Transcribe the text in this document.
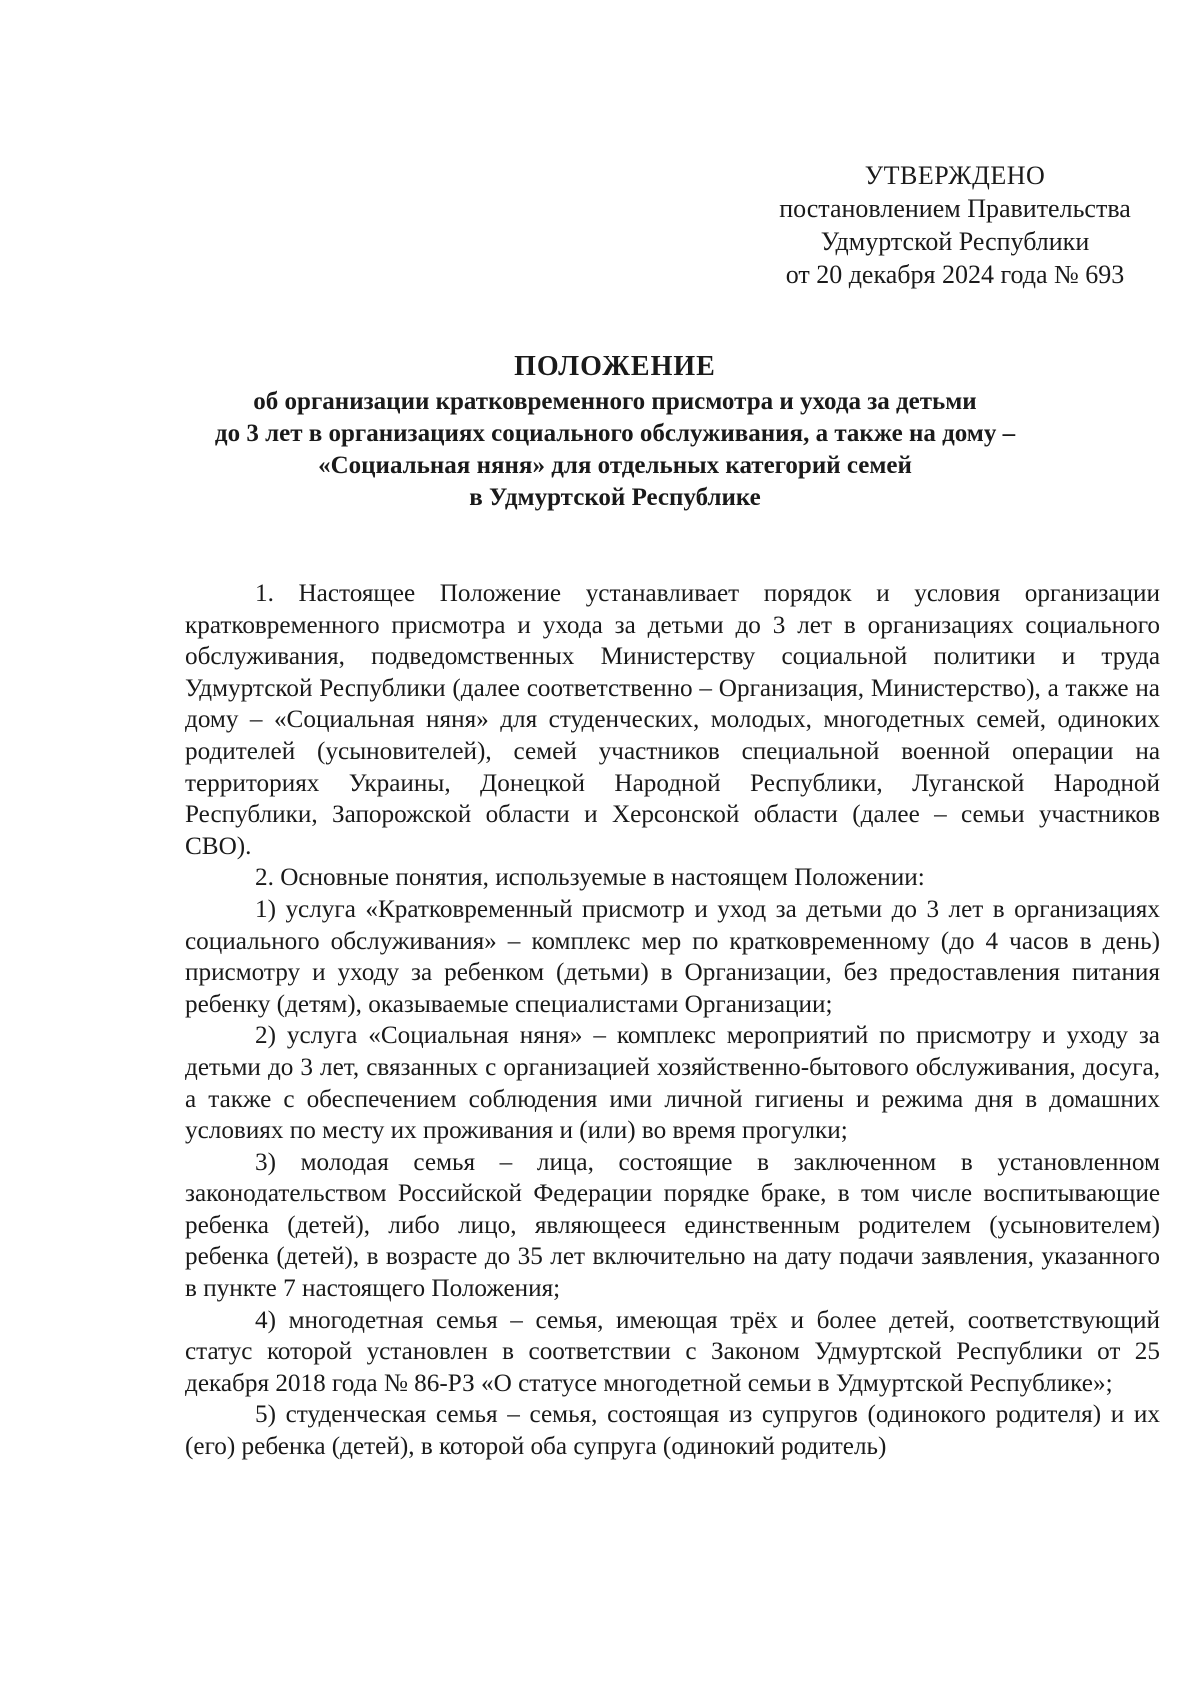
УТВЕРЖДЕНО
постановлением Правительства
Удмуртской Республики
от 20 декабря 2024 года № 693
ПОЛОЖЕНИЕ
об организации кратковременного присмотра и ухода за детьми
до 3 лет в организациях социального обслуживания, а также на дому –
«Социальная няня» для отдельных категорий семей
в Удмуртской Республике

1. Настоящее Положение устанавливает порядок и условия организации кратковременного присмотра и ухода за детьми до 3 лет в организациях социального обслуживания, подведомственных Министерству социальной политики и труда Удмуртской Республики (далее соответственно – Организация, Министерство), а также на дому – «Социальная няня» для студенческих, молодых, многодетных семей, одиноких родителей (усыновителей), семей участников специальной военной операции на территориях Украины, Донецкой Народной Республики, Луганской Народной Республики, Запорожской области и Херсонской области (далее – семьи участников СВО).

2. Основные понятия, используемые в настоящем Положении:

1) услуга «Кратковременный присмотр и уход за детьми до 3 лет в организациях социального обслуживания» – комплекс мер по кратковременному (до 4 часов в день) присмотру и уходу за ребенком (детьми) в Организации, без предоставления питания ребенку (детям), оказываемые специалистами Организации;

2) услуга «Социальная няня» – комплекс мероприятий по присмотру и уходу за детьми до 3 лет, связанных с организацией хозяйственно-бытового обслуживания, досуга, а также с обеспечением соблюдения ими личной гигиены и режима дня в домашних условиях по месту их проживания и (или) во время прогулки;

3) молодая семья – лица, состоящие в заключенном в установленном законодательством Российской Федерации порядке браке, в том числе воспитывающие ребенка (детей), либо лицо, являющееся единственным родителем (усыновителем) ребенка (детей), в возрасте до 35 лет включительно на дату подачи заявления, указанного в пункте 7 настоящего Положения;

4) многодетная семья – семья, имеющая трёх и более детей, соответствующий статус которой установлен в соответствии с Законом Удмуртской Республики от 25 декабря 2018 года № 86-РЗ «О статусе многодетной семьи в Удмуртской Республике»;

5) студенческая семья – семья, состоящая из супругов (одинокого родителя) и их (его) ребенка (детей), в которой оба супруга (одинокий родитель)
